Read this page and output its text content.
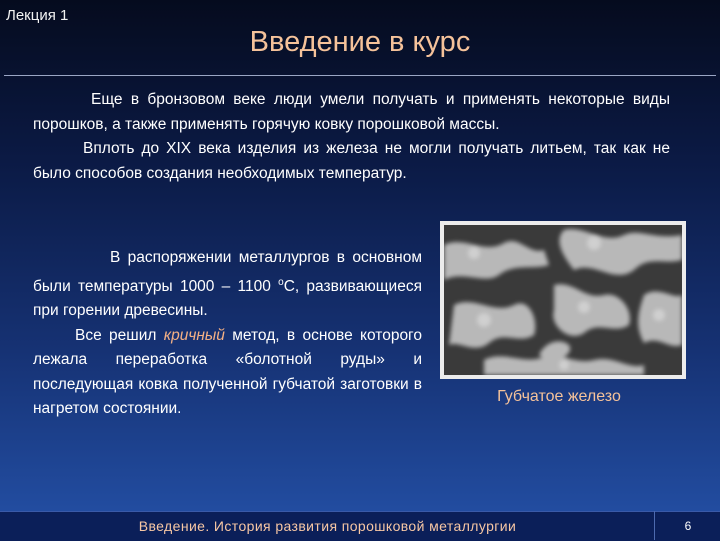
Лекция 1
Введение в курс
Еще в бронзовом веке люди умели получать и применять некоторые виды порошков, а также применять горячую ковку порошковой массы.
Вплоть до XIX века изделия из железа не могли получать литьем, так как не было способов создания необходимых температур.
В распоряжении металлургов в основном были температуры 1000 – 1100 $^о$С, развивающиеся при горении древесины.
Все решил кричный метод, в основе которого лежала переработка «болотной руды» и последующая ковка полученной губчатой заготовки в нагретом состоянии.
Губчатое железо
Введение. История развития порошковой металлургии	6
